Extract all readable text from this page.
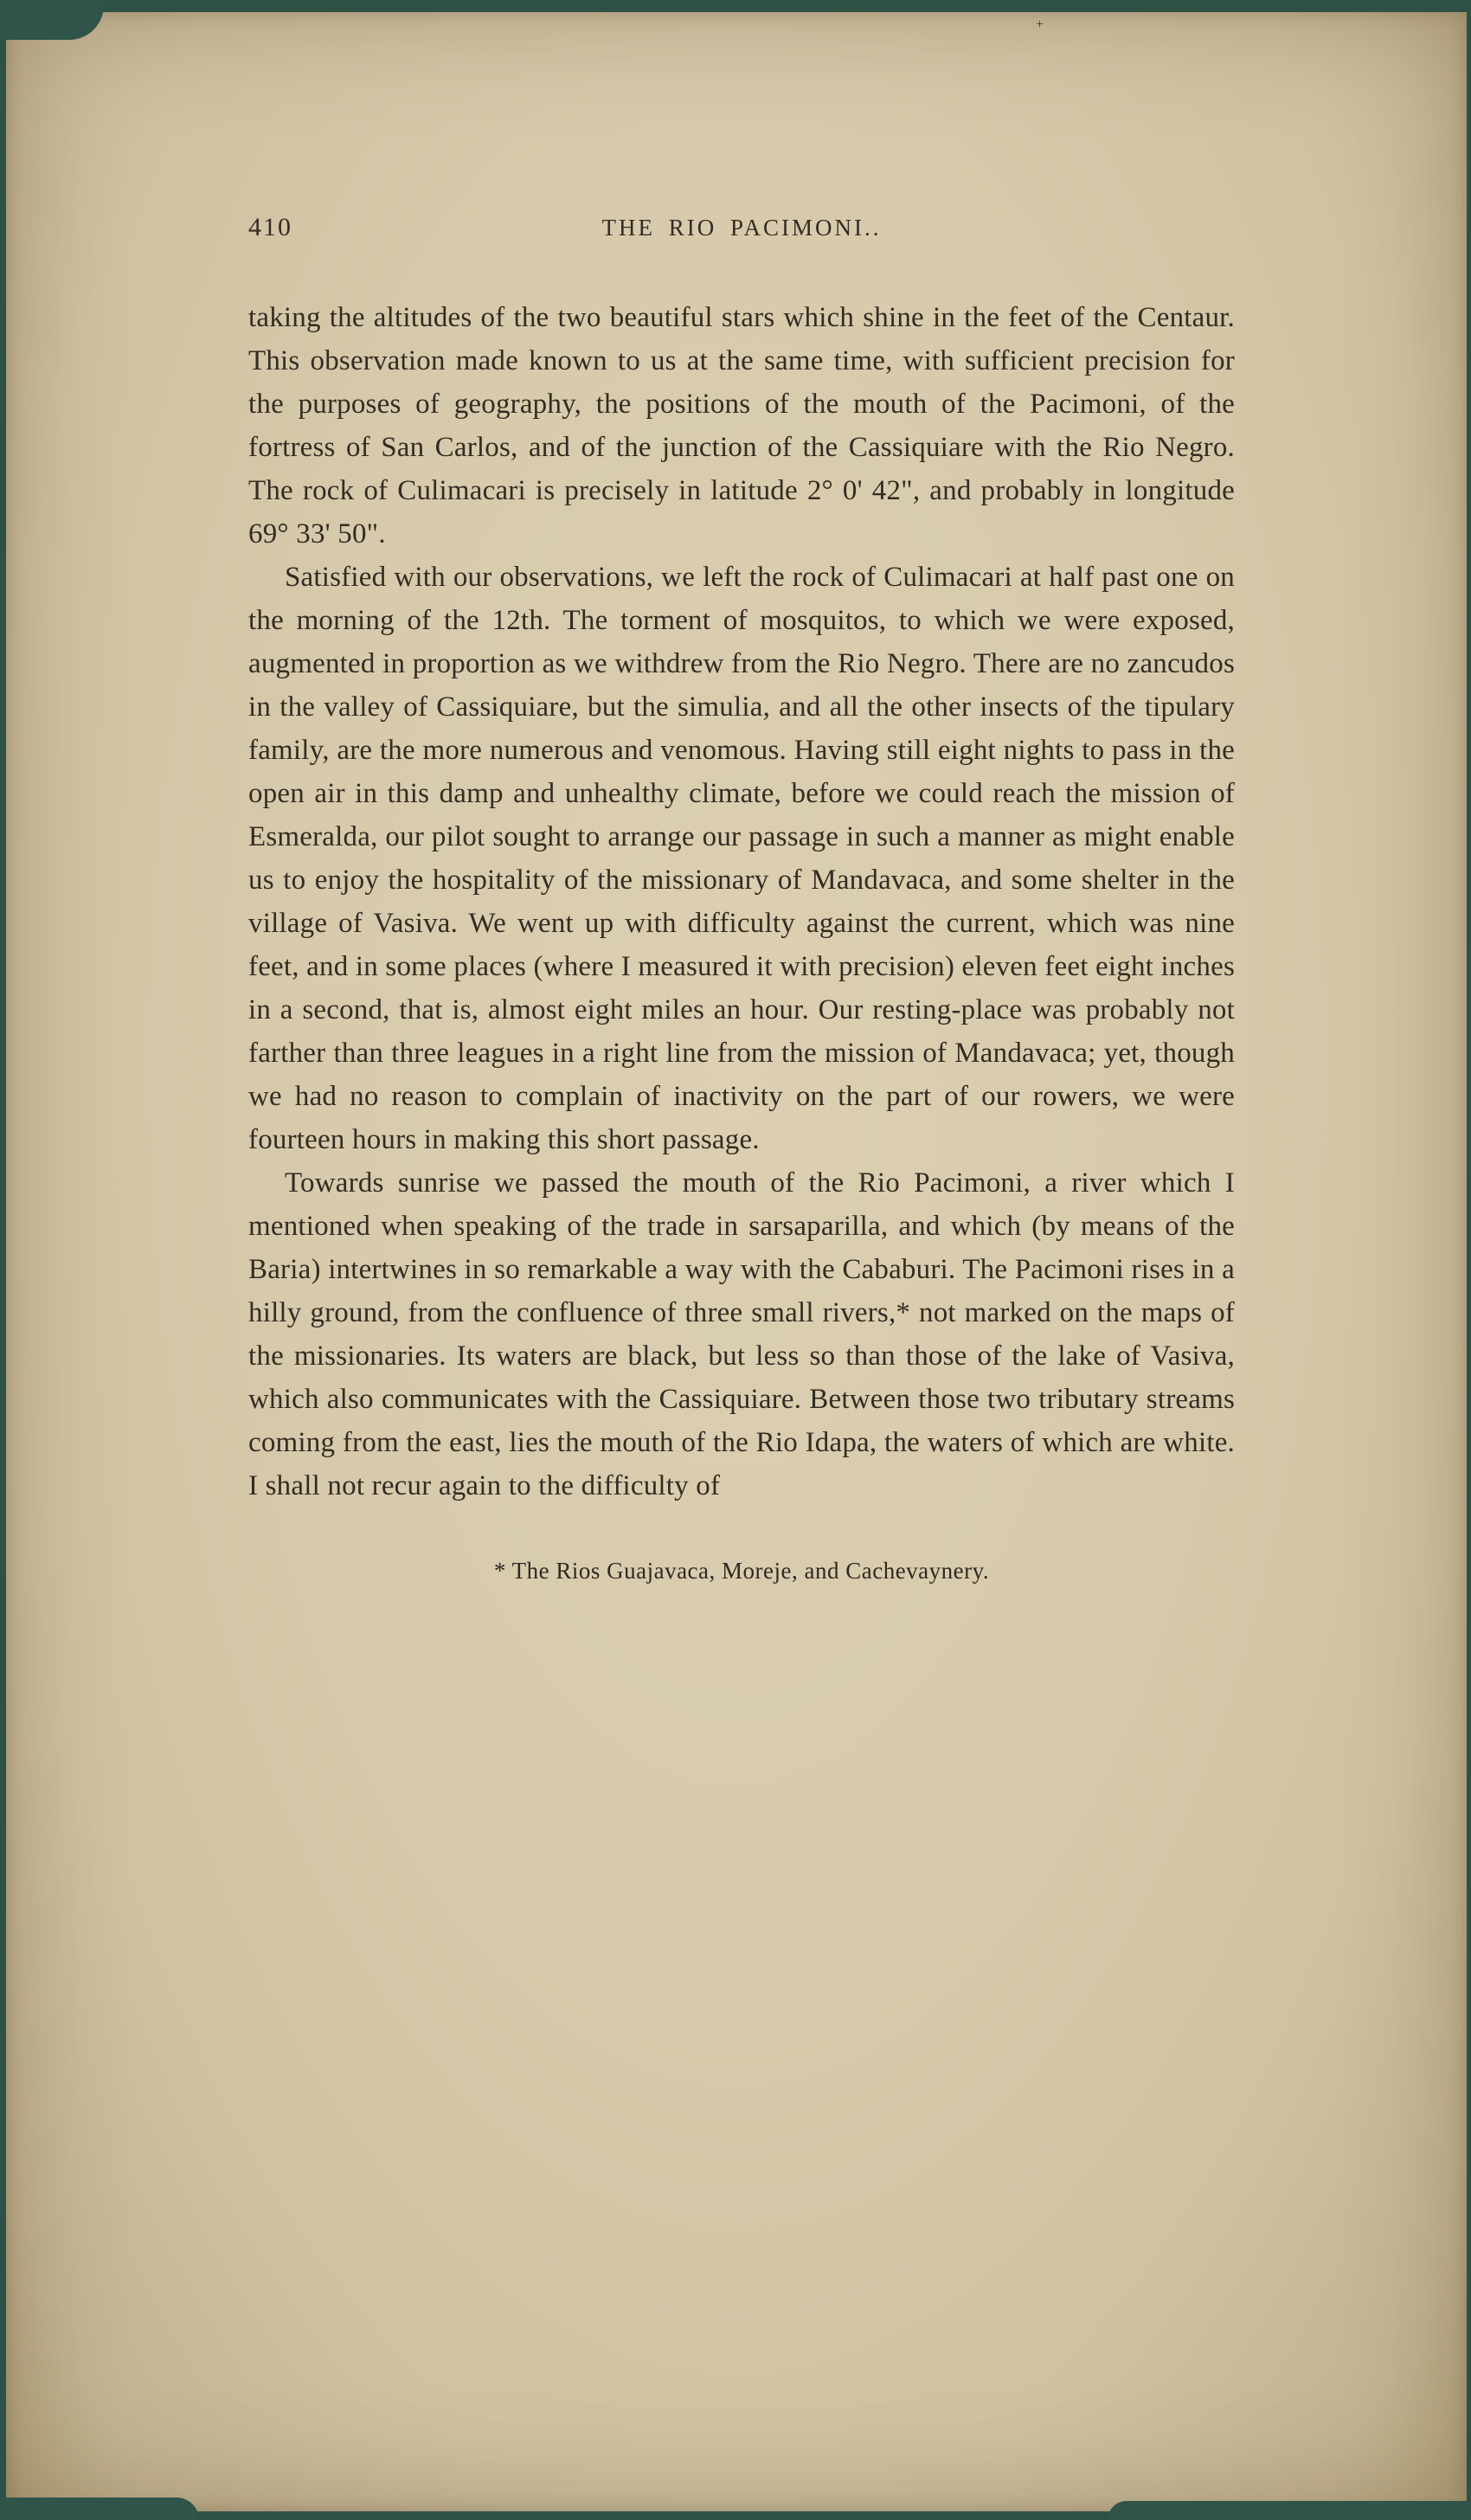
+
410	THE RIO PACIMONI..

taking the altitudes of the two beautiful stars which shine in the feet of the Centaur. This observation made known to us at the same time, with sufficient precision for the purposes of geography, the positions of the mouth of the Pacimoni, of the fortress of San Carlos, and of the junction of the Cassiquiare with the Rio Negro. The rock of Culimacari is precisely in latitude 2° 0' 42", and probably in longitude 69° 33' 50".

Satisfied with our observations, we left the rock of Culimacari at half past one on the morning of the 12th. The torment of mosquitos, to which we were exposed, augmented in proportion as we withdrew from the Rio Negro. There are no zancudos in the valley of Cassiquiare, but the simulia, and all the other insects of the tipulary family, are the more numerous and venomous. Having still eight nights to pass in the open air in this damp and unhealthy climate, before we could reach the mission of Esmeralda, our pilot sought to arrange our passage in such a manner as might enable us to enjoy the hospitality of the missionary of Mandavaca, and some shelter in the village of Vasiva. We went up with difficulty against the current, which was nine feet, and in some places (where I measured it with precision) eleven feet eight inches in a second, that is, almost eight miles an hour. Our resting-place was probably not farther than three leagues in a right line from the mission of Mandavaca; yet, though we had no reason to complain of inactivity on the part of our rowers, we were fourteen hours in making this short passage.

Towards sunrise we passed the mouth of the Rio Pacimoni, a river which I mentioned when speaking of the trade in sarsaparilla, and which (by means of the Baria) intertwines in so remarkable a way with the Cababuri. The Pacimoni rises in a hilly ground, from the confluence of three small rivers,* not marked on the maps of the missionaries. Its waters are black, but less so than those of the lake of Vasiva, which also communicates with the Cassiquiare. Between those two tributary streams coming from the east, lies the mouth of the Rio Idapa, the waters of which are white. I shall not recur again to the difficulty of

* The Rios Guajavaca, Moreje, and Cachevaynery.
